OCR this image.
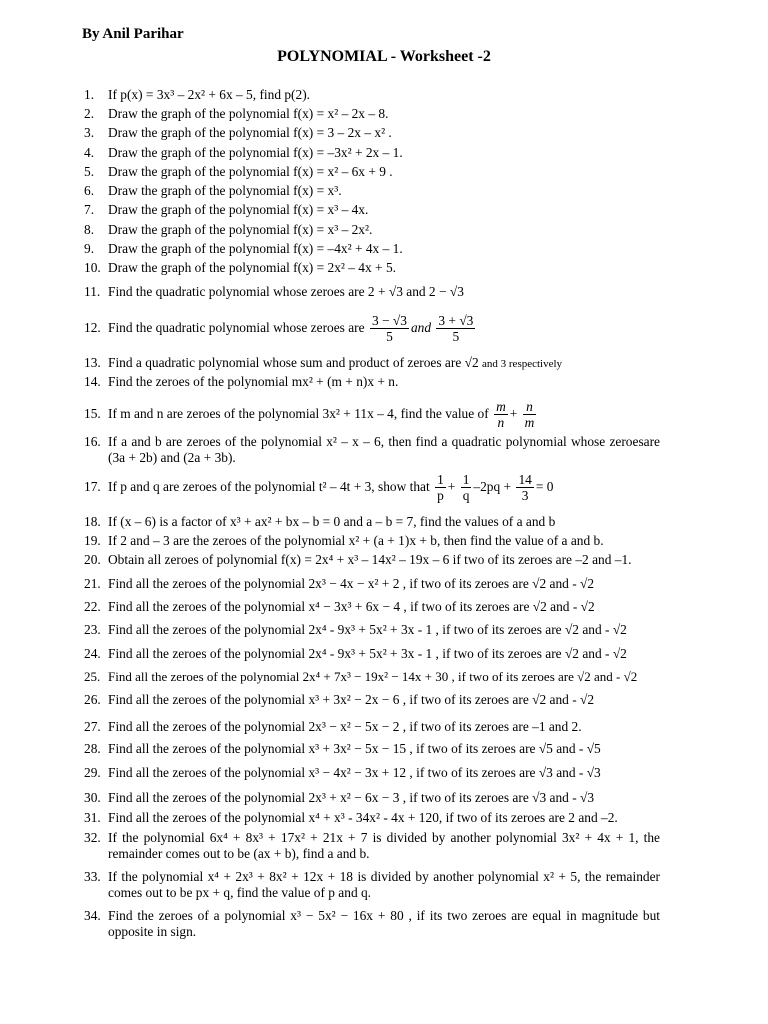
By Anil Parihar
POLYNOMIAL - Worksheet -2
1. If p(x) = 3x³ – 2x² + 6x – 5, find p(2).
2. Draw the graph of the polynomial f(x) = x² – 2x – 8.
3. Draw the graph of the polynomial f(x) = 3 – 2x – x² .
4. Draw the graph of the polynomial f(x) = –3x² + 2x – 1.
5. Draw the graph of the polynomial f(x) = x² – 6x + 9 .
6. Draw the graph of the polynomial f(x) = x³.
7. Draw the graph of the polynomial f(x) = x³ – 4x.
8. Draw the graph of the polynomial f(x) = x³ – 2x².
9. Draw the graph of the polynomial f(x) = –4x² + 4x – 1.
10. Draw the graph of the polynomial f(x) = 2x² – 4x + 5.
11. Find the quadratic polynomial whose zeroes are 2 + √3 and 2 − √3
12. Find the quadratic polynomial whose zeroes are $\frac{3 - √3}{5}$ and $\frac{3 + √3}{5}$
13. Find a quadratic polynomial whose sum and product of zeroes are √2 and 3 respectively
14. Find the zeroes of the polynomial mx² + (m + n)x + n.
15. If m and n are zeroes of the polynomial 3x² + 11x – 4, find the value of $\frac{m}{n} + \frac{n}{m}$
16. If a and b are zeroes of the polynomial x² – x – 6, then find a quadratic polynomial whose zeroesare (3a + 2b) and (2a + 3b).
17. If p and q are zeroes of the polynomial t² – 4t + 3, show that $\frac{1}{p} + \frac{1}{q} -2pq + \frac{14}{3} = 0$
18. If (x – 6) is a factor of x³ + ax² + bx – b = 0 and a – b = 7, find the values of a and b
19. If 2 and – 3 are the zeroes of the polynomial x² + (a + 1)x + b, then find the value of a and b.
20. Obtain all zeroes of polynomial f(x) = 2x⁴ + x³ – 14x² – 19x – 6 if two of its zeroes are –2 and –1.
21. Find all the zeroes of the polynomial 2x³ − 4x − x² + 2 , if two of its zeroes are √2 and - √2
22. Find all the zeroes of the polynomial x⁴ − 3x³ + 6x − 4 , if two of its zeroes are √2 and - √2
23. Find all the zeroes of the polynomial 2x⁴ - 9x³ + 5x² + 3x - 1 , if two of its zeroes are √2 and - √2
24. Find all the zeroes of the polynomial 2x⁴ - 9x³ + 5x² + 3x - 1 , if two of its zeroes are √2 and - √2
25. Find all the zeroes of the polynomial 2x⁴ + 7x³ − 19x² − 14x + 30 , if two of its zeroes are √2 and - √2
26. Find all the zeroes of the polynomial x³ + 3x² − 2x − 6 , if two of its zeroes are √2 and - √2
27. Find all the zeroes of the polynomial 2x³ − x² − 5x − 2 , if two of its zeroes are –1 and 2.
28. Find all the zeroes of the polynomial x³ + 3x² − 5x − 15 , if two of its zeroes are √5 and - √5
29. Find all the zeroes of the polynomial x³ − 4x² − 3x + 12 , if two of its zeroes are √3 and - √3
30. Find all the zeroes of the polynomial 2x³ + x² − 6x − 3 , if two of its zeroes are √3 and - √3
31. Find all the zeroes of the polynomial x⁴ + x³ - 34x² - 4x + 120, if two of its zeroes are 2 and –2.
32. If the polynomial 6x⁴ + 8x³ + 17x² + 21x + 7 is divided by another polynomial 3x² + 4x + 1, the remainder comes out to be (ax + b), find a and b.
33. If the polynomial x⁴ + 2x³ + 8x² + 12x + 18 is divided by another polynomial x² + 5, the remainder comes out to be px + q, find the value of p and q.
34. Find the zeroes of a polynomial x³ − 5x² − 16x + 80 , if its two zeroes are equal in magnitude but opposite in sign.
